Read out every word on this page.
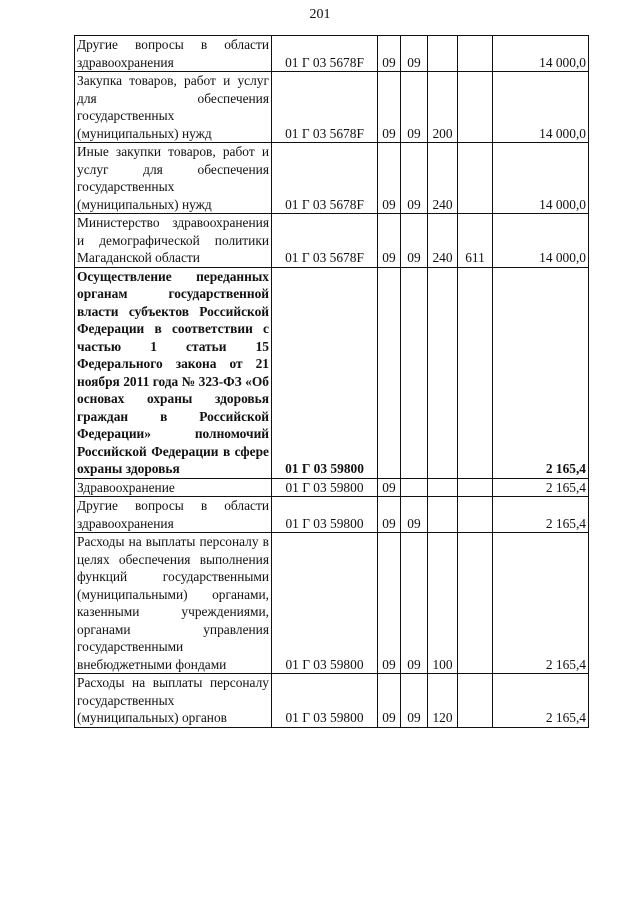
201
Другие вопросы в области здравоохранения	01 Г 03 5678F	09	09			14 000,0
Закупка товаров, работ и услуг для обеспечения государственных (муниципальных) нужд	01 Г 03 5678F	09	09	200		14 000,0
Иные закупки товаров, работ и услуг для обеспечения государственных (муниципальных) нужд	01 Г 03 5678F	09	09	240		14 000,0
Министерство здравоохранения и демографической политики Магаданской области	01 Г 03 5678F	09	09	240	611	14 000,0
Осуществление переданных органам государственной власти субъектов Российской Федерации в соответствии с частью 1 статьи 15 Федерального закона от 21 ноября 2011 года № 323-ФЗ «Об основах охраны здоровья граждан в Российской Федерации» полномочий Российской Федерации в сфере охраны здоровья	01 Г 03 59800					2 165,4
Здравоохранение	01 Г 03 59800	09				2 165,4
Другие вопросы в области здравоохранения	01 Г 03 59800	09	09			2 165,4
Расходы на выплаты персоналу в целях обеспечения выполнения функций государственными (муниципальными) органами, казенными учреждениями, органами управления государственными внебюджетными фондами	01 Г 03 59800	09	09	100		2 165,4
Расходы на выплаты персоналу государственных (муниципальных) органов	01 Г 03 59800	09	09	120		2 165,4
